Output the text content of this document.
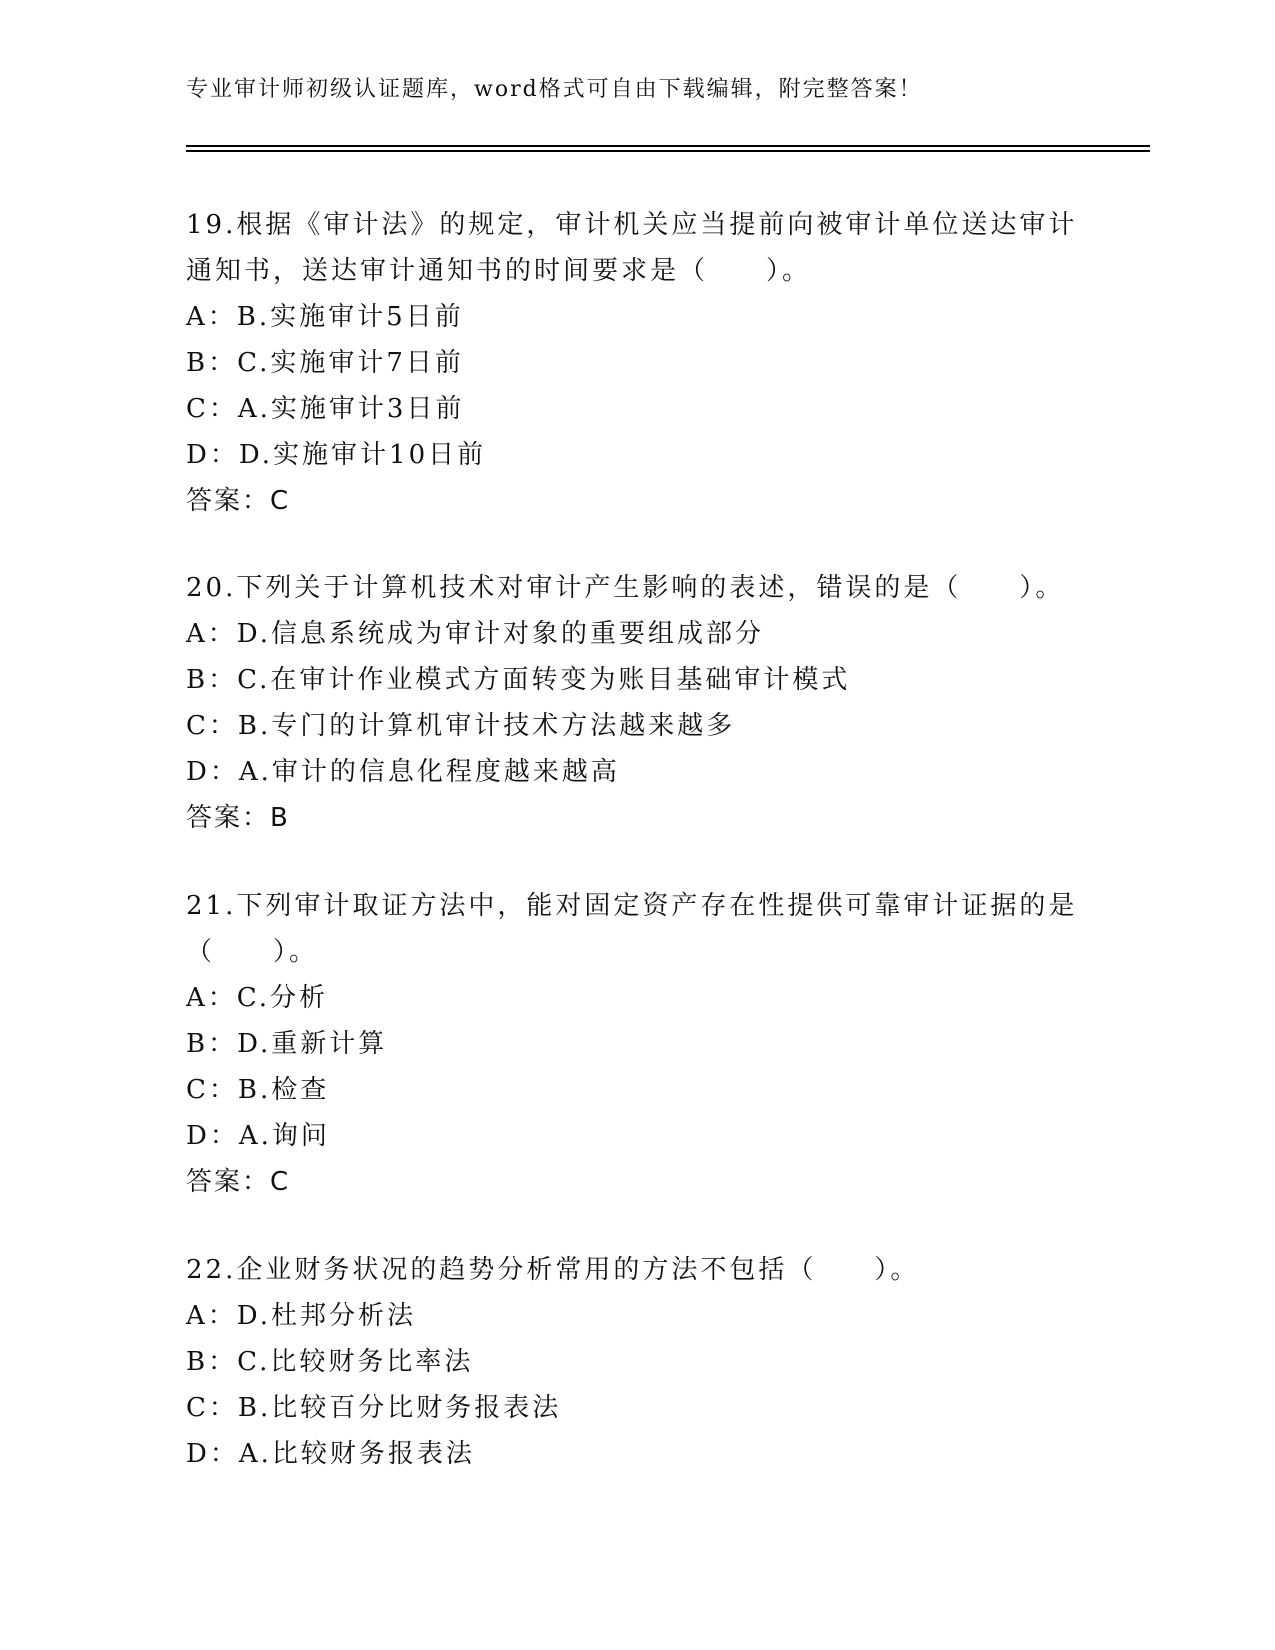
专业审计师初级认证题库，word格式可自由下载编辑，附完整答案！

19.根据《审计法》的规定，审计机关应当提前向被审计单位送达审计通知书，送达审计通知书的时间要求是（　　）。

A：B.实施审计5日前

B：C.实施审计7日前

C：A.实施审计3日前

D：D.实施审计10日前

答案：C

20.下列关于计算机技术对审计产生影响的表述，错误的是（　　）。

A：D.信息系统成为审计对象的重要组成部分

B：C.在审计作业模式方面转变为账目基础审计模式

C：B.专门的计算机审计技术方法越来越多

D：A.审计的信息化程度越来越高

答案：B

21.下列审计取证方法中，能对固定资产存在性提供可靠审计证据的是（　　）。

A：C.分析

B：D.重新计算

C：B.检查

D：A.询问

答案：C

22.企业财务状况的趋势分析常用的方法不包括（　　）。

A：D.杜邦分析法

B：C.比较财务比率法

C：B.比较百分比财务报表法

D：A.比较财务报表法
